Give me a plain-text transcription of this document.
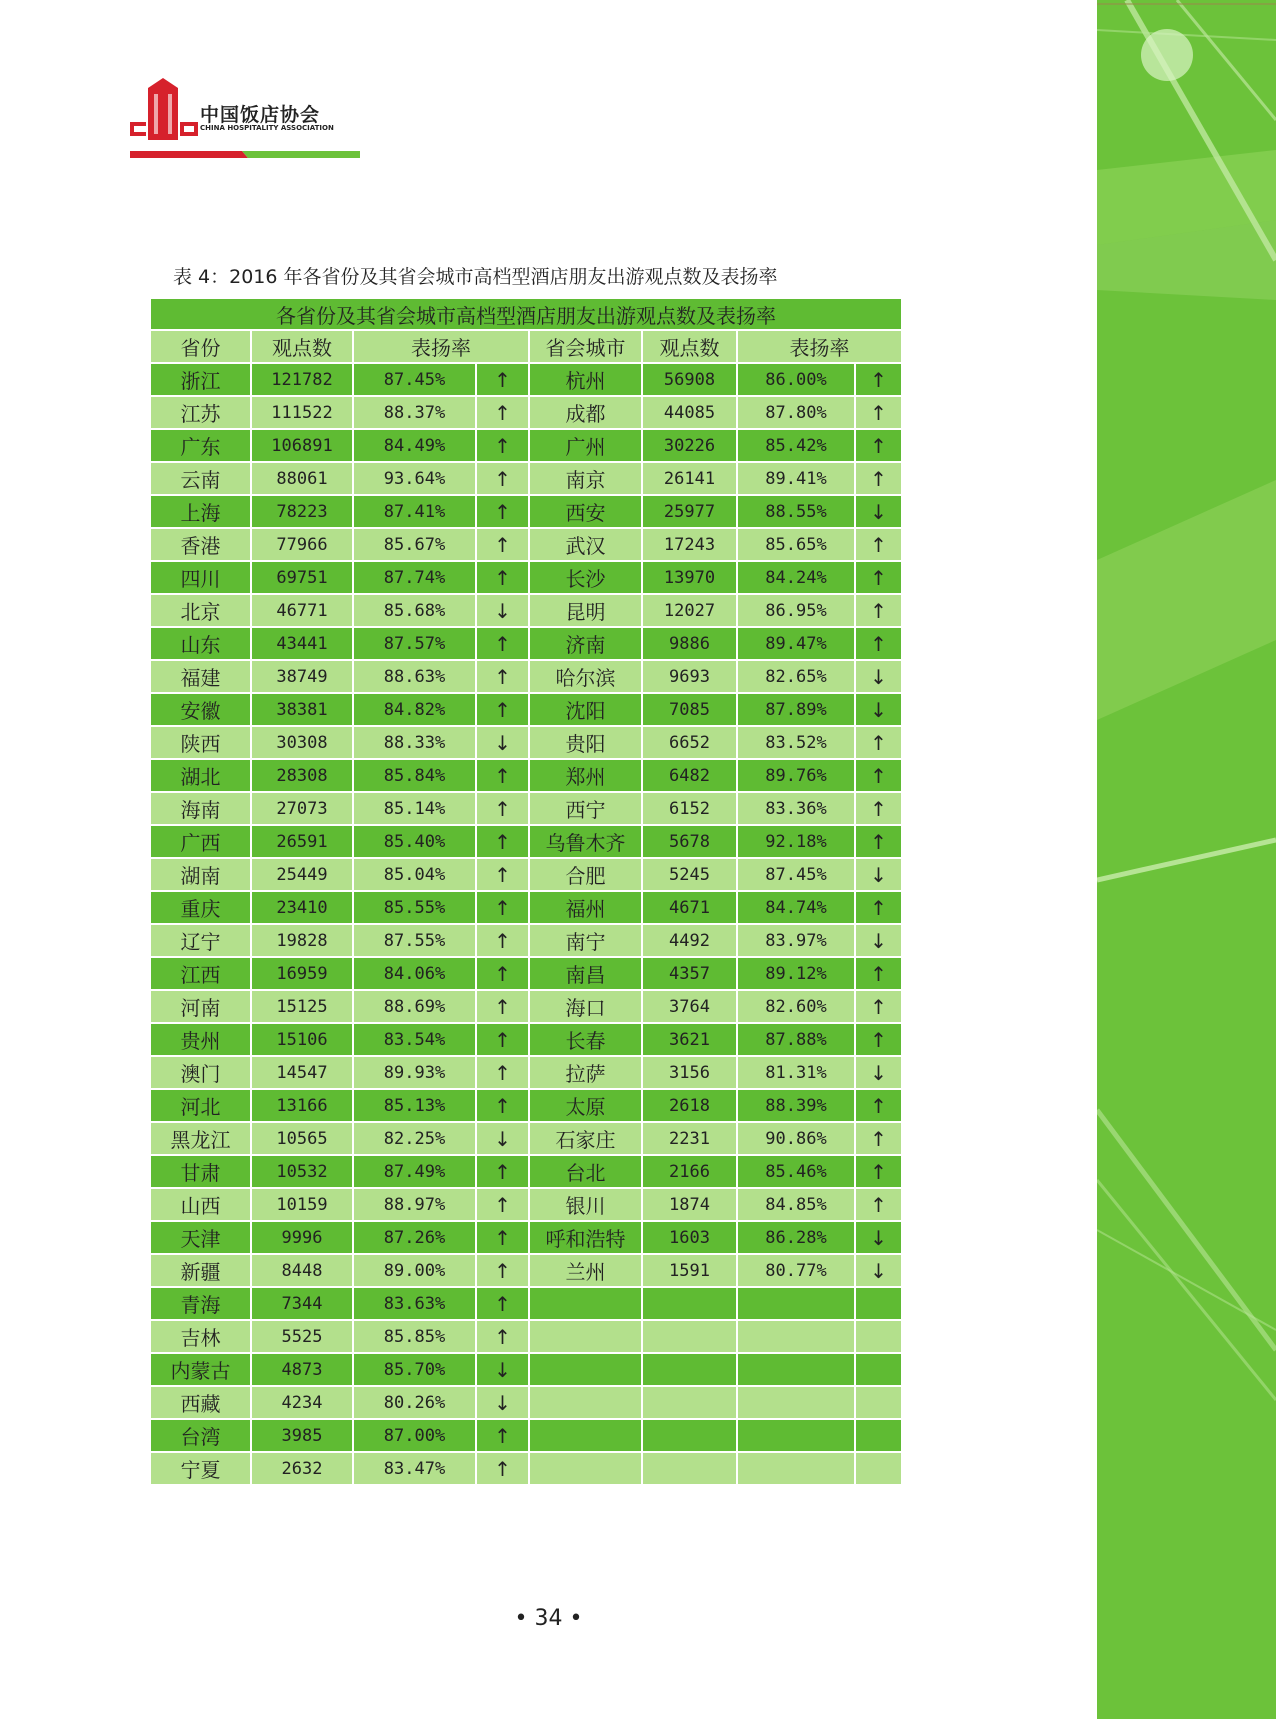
中国饭店协会
CHINA HOSPITALITY ASSOCIATION
表 4：2016 年各省份及其省会城市高档型酒店朋友出游观点数及表扬率
各省份及其省会城市高档型酒店朋友出游观点数及表扬率							
省份	观点数	表扬率		省会城市	观点数	表扬率	
浙江	121782	87.45%	↑	杭州	56908	86.00%	↑
江苏	111522	88.37%	↑	成都	44085	87.80%	↑
广东	106891	84.49%	↑	广州	30226	85.42%	↑
云南	88061	93.64%	↑	南京	26141	89.41%	↑
上海	78223	87.41%	↑	西安	25977	88.55%	↓
香港	77966	85.67%	↑	武汉	17243	85.65%	↑
四川	69751	87.74%	↑	长沙	13970	84.24%	↑
北京	46771	85.68%	↓	昆明	12027	86.95%	↑
山东	43441	87.57%	↑	济南	9886	89.47%	↑
福建	38749	88.63%	↑	哈尔滨	9693	82.65%	↓
安徽	38381	84.82%	↑	沈阳	7085	87.89%	↓
陕西	30308	88.33%	↓	贵阳	6652	83.52%	↑
湖北	28308	85.84%	↑	郑州	6482	89.76%	↑
海南	27073	85.14%	↑	西宁	6152	83.36%	↑
广西	26591	85.40%	↑	乌鲁木齐	5678	92.18%	↑
湖南	25449	85.04%	↑	合肥	5245	87.45%	↓
重庆	23410	85.55%	↑	福州	4671	84.74%	↑
辽宁	19828	87.55%	↑	南宁	4492	83.97%	↓
江西	16959	84.06%	↑	南昌	4357	89.12%	↑
河南	15125	88.69%	↑	海口	3764	82.60%	↑
贵州	15106	83.54%	↑	长春	3621	87.88%	↑
澳门	14547	89.93%	↑	拉萨	3156	81.31%	↓
河北	13166	85.13%	↑	太原	2618	88.39%	↑
黑龙江	10565	82.25%	↓	石家庄	2231	90.86%	↑
甘肃	10532	87.49%	↑	台北	2166	85.46%	↑
山西	10159	88.97%	↑	银川	1874	84.85%	↑
天津	9996	87.26%	↑	呼和浩特	1603	86.28%	↓
新疆	8448	89.00%	↑	兰州	1591	80.77%	↓
青海	7344	83.63%	↑				
吉林	5525	85.85%	↑				
内蒙古	4873	85.70%	↓				
西藏	4234	80.26%	↓				
台湾	3985	87.00%	↑				
宁夏	2632	83.47%	↑				
• 34 •
